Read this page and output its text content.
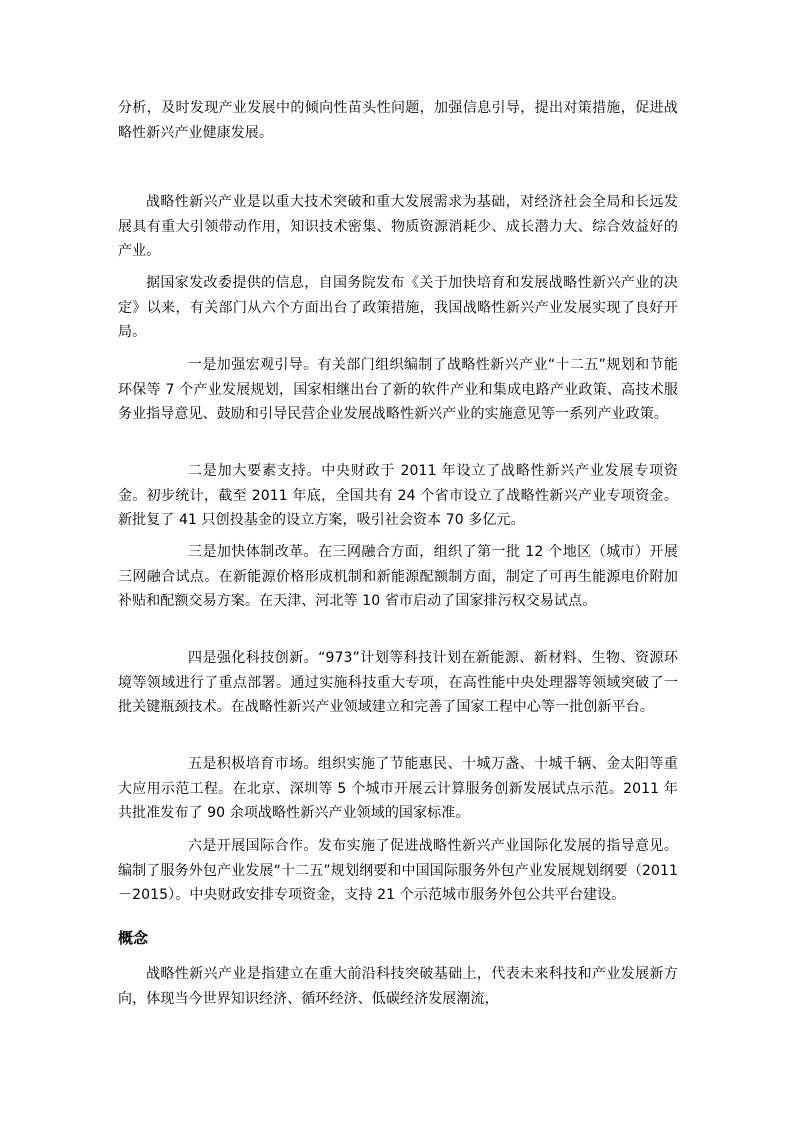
分析，及时发现产业发展中的倾向性苗头性问题，加强信息引导，提出对策措施，促进战略性新兴产业健康发展。

战略性新兴产业是以重大技术突破和重大发展需求为基础，对经济社会全局和长远发展具有重大引领带动作用，知识技术密集、物质资源消耗少、成长潜力大、综合效益好的产业。

据国家发改委提供的信息，自国务院发布《关于加快培育和发展战略性新兴产业的决定》以来，有关部门从六个方面出台了政策措施，我国战略性新兴产业发展实现了良好开局。

一是加强宏观引导。有关部门组织编制了战略性新兴产业“十二五”规划和节能环保等 7 个产业发展规划，国家相继出台了新的软件产业和集成电路产业政策、高技术服务业指导意见、鼓励和引导民营企业发展战略性新兴产业的实施意见等一系列产业政策。

二是加大要素支持。中央财政于 2011 年设立了战略性新兴产业发展专项资金。初步统计，截至 2011 年底，全国共有 24 个省市设立了战略性新兴产业专项资金。新批复了 41 只创投基金的设立方案，吸引社会资本 70 多亿元。

三是加快体制改革。在三网融合方面，组织了第一批 12 个地区（城市）开展三网融合试点。在新能源价格形成机制和新能源配额制方面，制定了可再生能源电价附加补贴和配额交易方案。在天津、河北等 10 省市启动了国家排污权交易试点。

四是强化科技创新。“973”计划等科技计划在新能源、新材料、生物、资源环境等领域进行了重点部署。通过实施科技重大专项，在高性能中央处理器等领域突破了一批关键瓶颈技术。在战略性新兴产业领域建立和完善了国家工程中心等一批创新平台。

五是积极培育市场。组织实施了节能惠民、十城万盏、十城千辆、金太阳等重大应用示范工程。在北京、深圳等 5 个城市开展云计算服务创新发展试点示范。2011 年共批准发布了 90 余项战略性新兴产业领域的国家标准。

六是开展国际合作。发布实施了促进战略性新兴产业国际化发展的指导意见。编制了服务外包产业发展“十二五”规划纲要和中国国际服务外包产业发展规划纲要（2011－2015）。中央财政安排专项资金，支持 21 个示范城市服务外包公共平台建设。

概念

战略性新兴产业是指建立在重大前沿科技突破基础上，代表未来科技和产业发展新方向，体现当今世界知识经济、循环经济、低碳经济发展潮流，
